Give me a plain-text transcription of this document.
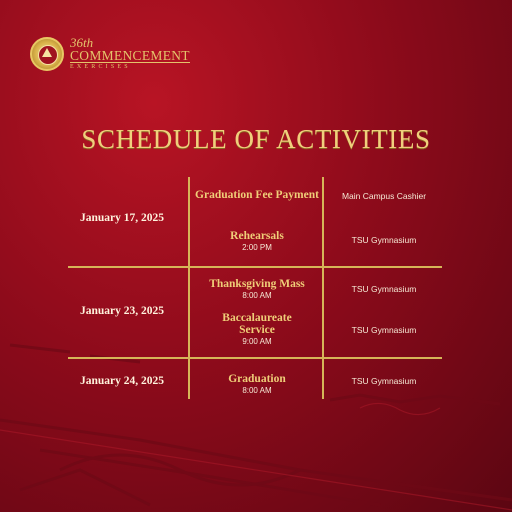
36th
COMMENCEMENT
EXERCISES
SCHEDULE OF ACTIVITIES
January 17, 2025
Graduation Fee Payment	Main Campus Cashier
Rehearsals
2:00 PM
TSU Gymnasium
January 23, 2025
Thanksgiving Mass
8:00 AM
TSU Gymnasium
Baccalaureate Service
9:00 AM
TSU Gymnasium
January 24, 2025	Graduation
8:00 AM
TSU Gymnasium
